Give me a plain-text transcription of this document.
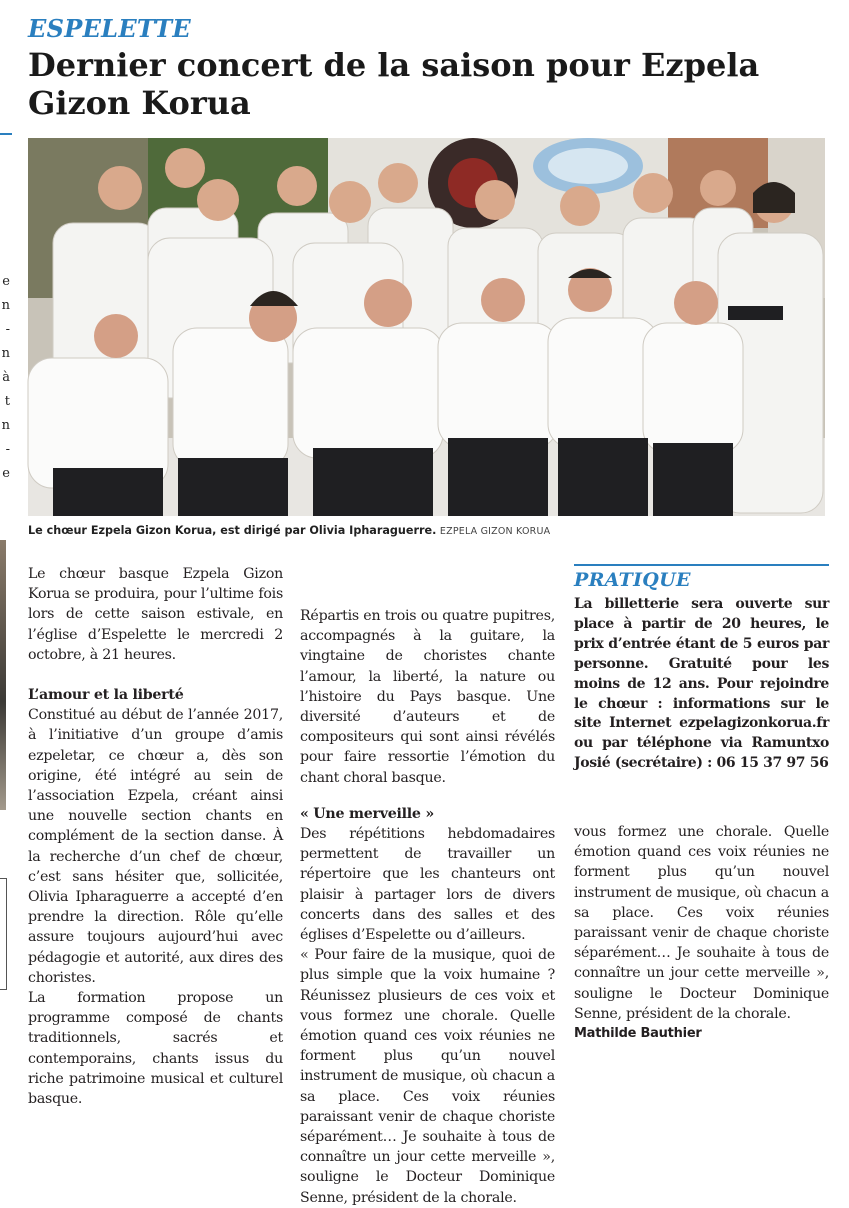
e
n
-
n
à
t
n
-
e
ESPELETTE
Dernier concert de la saison pour Ezpela Gizon Korua
Le chœur Ezpela Gizon Korua, est dirigé par Olivia Ipharaguerre. EZPELA GIZON KORUA

Le chœur basque Ezpela Gizon Korua se produira, pour l’ultime fois lors de cette saison estivale, en l’église d’Espelette le mercredi 2 octobre, à 21 heures.

L’amour et la liberté

Constitué au début de l’année 2017, à l’initiative d’un groupe d’amis ezpeletar, ce chœur a, dès son origine, été intégré au sein de l’association Ezpela, créant ainsi une nouvelle section chants en complément de la section danse. À la recherche d’un chef de chœur, c’est sans hésiter que, sollicitée, Olivia Ipharaguerre a accepté d’en prendre la direction. Rôle qu’elle assure toujours aujourd’hui avec pédagogie et autorité, aux dires des choristes.

La formation propose un programme composé de chants traditionnels, sacrés et contemporains, chants issus du riche patrimoine musical et culturel basque.

Répartis en trois ou quatre pupitres, accompagnés à la guitare, la vingtaine de choristes chante l’amour, la liberté, la nature ou l’histoire du Pays basque. Une diversité d’auteurs et de compositeurs qui sont ainsi révélés pour faire ressortie l’émotion du chant choral basque.

« Une merveille »

Des répétitions hebdomadaires permettent de travailler un répertoire que les chanteurs ont plaisir à partager lors de divers concerts dans des salles et des églises d’Espelette ou d’ailleurs.

« Pour faire de la musique, quoi de plus simple que la voix humaine ? Réunissez plusieurs de ces voix et vous formez une chorale. Quelle émotion quand ces voix réunies ne forment plus qu’un nouvel instrument de musique, où chacun a sa place. Ces voix réunies paraissant venir de chaque choriste séparément… Je souhaite à tous de connaître un jour cette merveille », souligne le Docteur Dominique Senne, président de la chorale.

PRATIQUE
La billetterie sera ouverte sur place à partir de 20 heures, le prix d’entrée étant de 5 euros par personne. Gratuité pour les moins de 12 ans. Pour rejoindre le chœur : informations sur le site Internet ezpelagizonkorua.fr ou par téléphone via Ramuntxo Josié (secrétaire) : 06 15 37 97 56

vous formez une chorale. Quelle émotion quand ces voix réunies ne forment plus qu’un nouvel instrument de musique, où chacun a sa place. Ces voix réunies paraissant venir de chaque choriste séparément… Je souhaite à tous de connaître un jour cette merveille », souligne le Docteur Dominique Senne, président de la chorale.

Mathilde Bauthier
